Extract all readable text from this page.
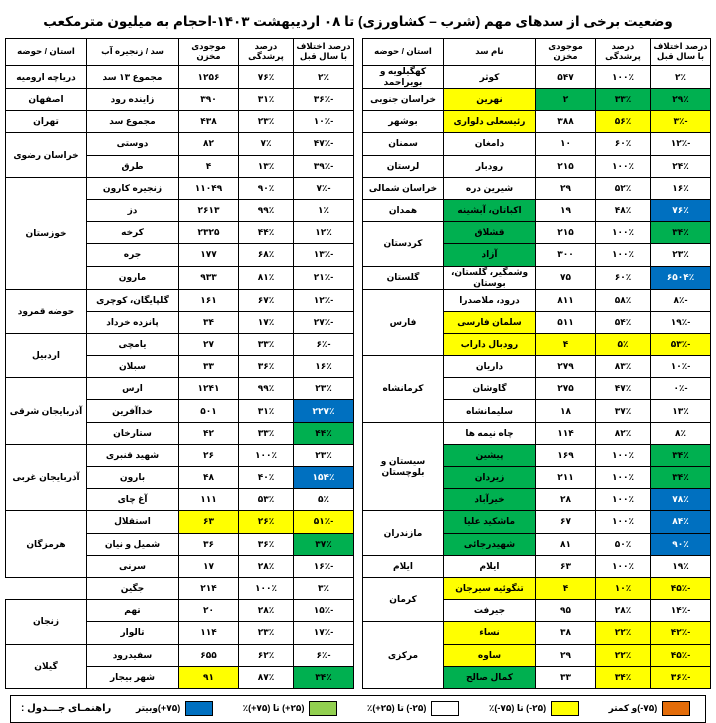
وضعیت برخی از سدهای مهم (شرب – کشاورزی) تا ۰۸ اردیبهشت ۱۴۰۳-احجام به میلیون مترمکعب
درصد اختلاف با سال قبل	درصد پرشدگی	موجودی مخزن	نام سد	استان / حوضه		درصد اختلاف با سال قبل	درصد پرشدگی	موجودی مخزن	سد / زنجیره آب	استان / حوضه
۲٪	۱۰۰٪	۵۴۷	کوثر	کهگیلویه و بویراحمد		۲٪	۷۶٪	۱۲۵۶	مجموع ۱۳ سد	دریاچه ارومیه
۲۹٪	۳۳٪	۲	نهرین	خراسان جنوبی		-۳۶٪	۳۱٪	۳۹۰	زاینده رود	اصفهان
-۳٪	۵۶٪	۳۸۸	رئیسعلی دلواری	بوشهر		-۱۰٪	۲۳٪	۴۳۸	مجموع سد	تهران
-۱۲٪	۶۰٪	۱۰	دامغان	سمنان		-۴۷٪	۷٪	۸۲	دوستی	خراسان رضوی
۲۴٪	۱۰۰٪	۲۱۵	رودبار	لرستان		-۳۹٪	۱۳٪	۴	طرق	
۱۶٪	۵۲٪	۲۹	شیرین دره	خراسان شمالی		-۷٪	۹۰٪	۱۱۰۴۹	زنجیره کارون	خوزستان
۷۶٪	۴۸٪	۱۹	اکباتان، آبشینه	همدان		۱٪	۹۹٪	۲۶۱۳	دز	
۳۴٪	۱۰۰٪	۲۱۵	قشلاق	کردستان		۱۲٪	۴۴٪	۲۳۲۵	کرخه	
۲۳٪	۱۰۰٪	۳۰۰	آزاد			-۱۳٪	۶۸٪	۱۷۷	جره	
۶۵۰۴٪	۶۰٪	۷۵	وشمگیر، گلستان، بوستان	گلستان		-۲۱٪	۸۱٪	۹۳۳	مارون	
-۸٪	۵۸٪	۸۱۱	درود، ملاصدرا	فارس		-۱۲٪	۶۷٪	۱۶۱	گلپایگان، کوچری	حوضه قمرود
-۱۹٪	۵۴٪	۵۱۱	سلمان فارسی			-۲۷٪	۱۷٪	۳۴	پانزده خرداد	
-۵۳٪	۵٪	۴	رودبال داراب			-۶٪	۳۳٪	۲۷	یامچی	اردبیل
-۱۰٪	۸۳٪	۲۷۹	داریان	کرمانشاه		۱۶٪	۳۶٪	۳۳	سبلان	
-۰٪	۴۷٪	۲۷۵	گاوشان			۲۳٪	۹۹٪	۱۲۴۱	ارس	آذربایجان شرقی
۱۳٪	۳۷٪	۱۸	سلیمانشاه			۲۲۷٪	۳۱٪	۵۰۱	خداآفرین	
۸٪	۸۲٪	۱۱۴	چاه نیمه ها	سیستان و بلوچستان		۴۴٪	۳۳٪	۴۲	ستارخان	
۳۴٪	۱۰۰٪	۱۶۹	پیشین			۲۳٪	۱۰۰٪	۲۶	شهید قنبری	آذربایجان غربی
۳۴٪	۱۰۰٪	۲۱۱	زیردان			۱۵۴٪	۴۰٪	۴۸	بارون	
۷۸٪	۱۰۰٪	۲۸	خیرآباد			۵٪	۵۳٪	۱۱۱	آغ چای	
۸۴٪	۱۰۰٪	۶۷	ماشکید علیا	مازندران		-۵۱٪	۲۶٪	۶۳	استقلال	هرمزگان
۹۰٪	۵۰٪	۸۱	شهیدرجائی			۳۷٪	۳۶٪	۳۶	شمیل و نیان	
۱۹٪	۱۰۰٪	۶۳	ایلام	ایلام		-۱۶٪	۲۸٪	۱۷	سرنی	
-۴۵٪	۱۰٪	۴	تنگوئیه سیرجان	کرمان		۳٪	۱۰۰٪	۲۱۴	جگین	
-۱۴٪	۲۸٪	۹۵	جیرفت			-۱۵٪	۲۸٪	۲۰	تهم	زنجان
-۴۲٪	۲۲٪	۳۸	نساء	مرکزی		-۱۷٪	۲۳٪	۱۱۴	تالوار	
-۴۵٪	۲۲٪	۲۹	ساوه			-۶٪	۶۲٪	۶۵۵	سفیدرود	گیلان
-۳۶٪	۳۴٪	۳۳	کمال صالح			۳۴٪	۸۷٪	۹۱	شهر بیجار	
(۷۵-)و کمتر
(۲۵-) تا (۷۵-)٪
(۲۵-) تا (۲۵+)٪
(۲۵+) تا (۷۵+)٪
(۷۵+)وبیتر
راهنمـای جـــدول :
